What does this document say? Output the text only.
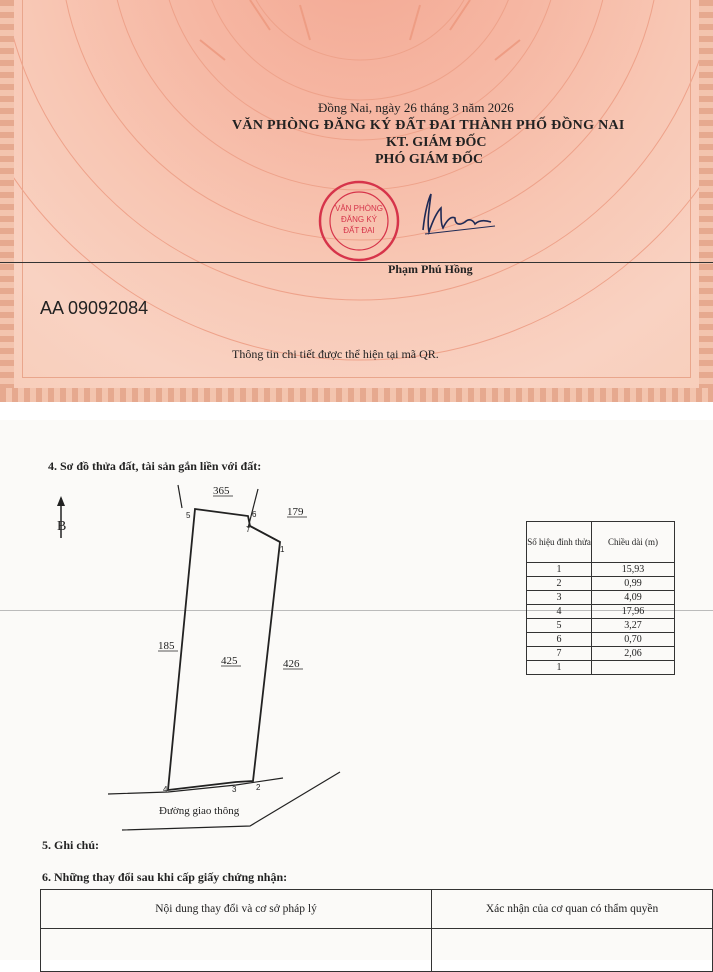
Đồng Nai, ngày 26 tháng 3 năm 2026
VĂN PHÒNG ĐĂNG KÝ ĐẤT ĐAI THÀNH PHỐ ĐỒNG NAI
KT. GIÁM ĐỐC
PHÓ GIÁM ĐỐC
VĂN PHÒNG
ĐĂNG KÝ
ĐẤT ĐAI
Phạm Phú Hồng
AA 09092084
Thông tin chi tiết được thể hiện tại mã QR.
4. Sơ đồ thửa đất, tài sản gắn liền với đất:
B
1
2
3
4
5	6
7
365
179
185
425	426
Đường giao thông
Số hiệu đỉnh thửa	Chiều dài (m)
1	15,93
2	0,99
3	4,09
4	17,96
5	3,27
6	0,70
7	2,06
1	
5. Ghi chú:
6. Những thay đổi sau khi cấp giấy chứng nhận:
Nội dung thay đổi và cơ sở pháp lý	Xác nhận của cơ quan có thẩm quyền
